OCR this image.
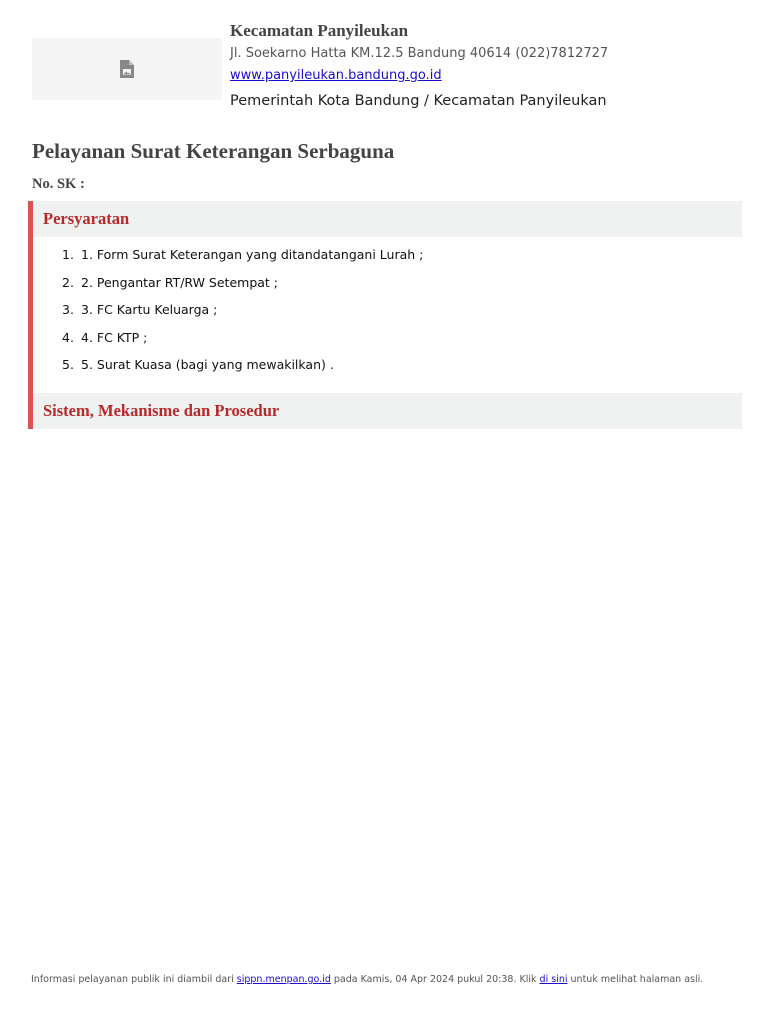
Kecamatan Panyileukan
Jl. Soekarno Hatta KM.12.5 Bandung 40614 (022)7812727
www.panyileukan.bandung.go.id
Pemerintah Kota Bandung / Kecamatan Panyileukan
Pelayanan Surat Keterangan Serbaguna
No. SK :
Persyaratan
1. 1. Form Surat Keterangan yang ditandatangani Lurah ;
2. 2. Pengantar RT/RW Setempat ;
3. 3. FC Kartu Keluarga ;
4. 4. FC KTP ;
5. 5. Surat Kuasa (bagi yang mewakilkan) .
Sistem, Mekanisme dan Prosedur
Informasi pelayanan publik ini diambil dari sippn.menpan.go.id pada Kamis, 04 Apr 2024 pukul 20:38. Klik di sini untuk melihat halaman asli.
